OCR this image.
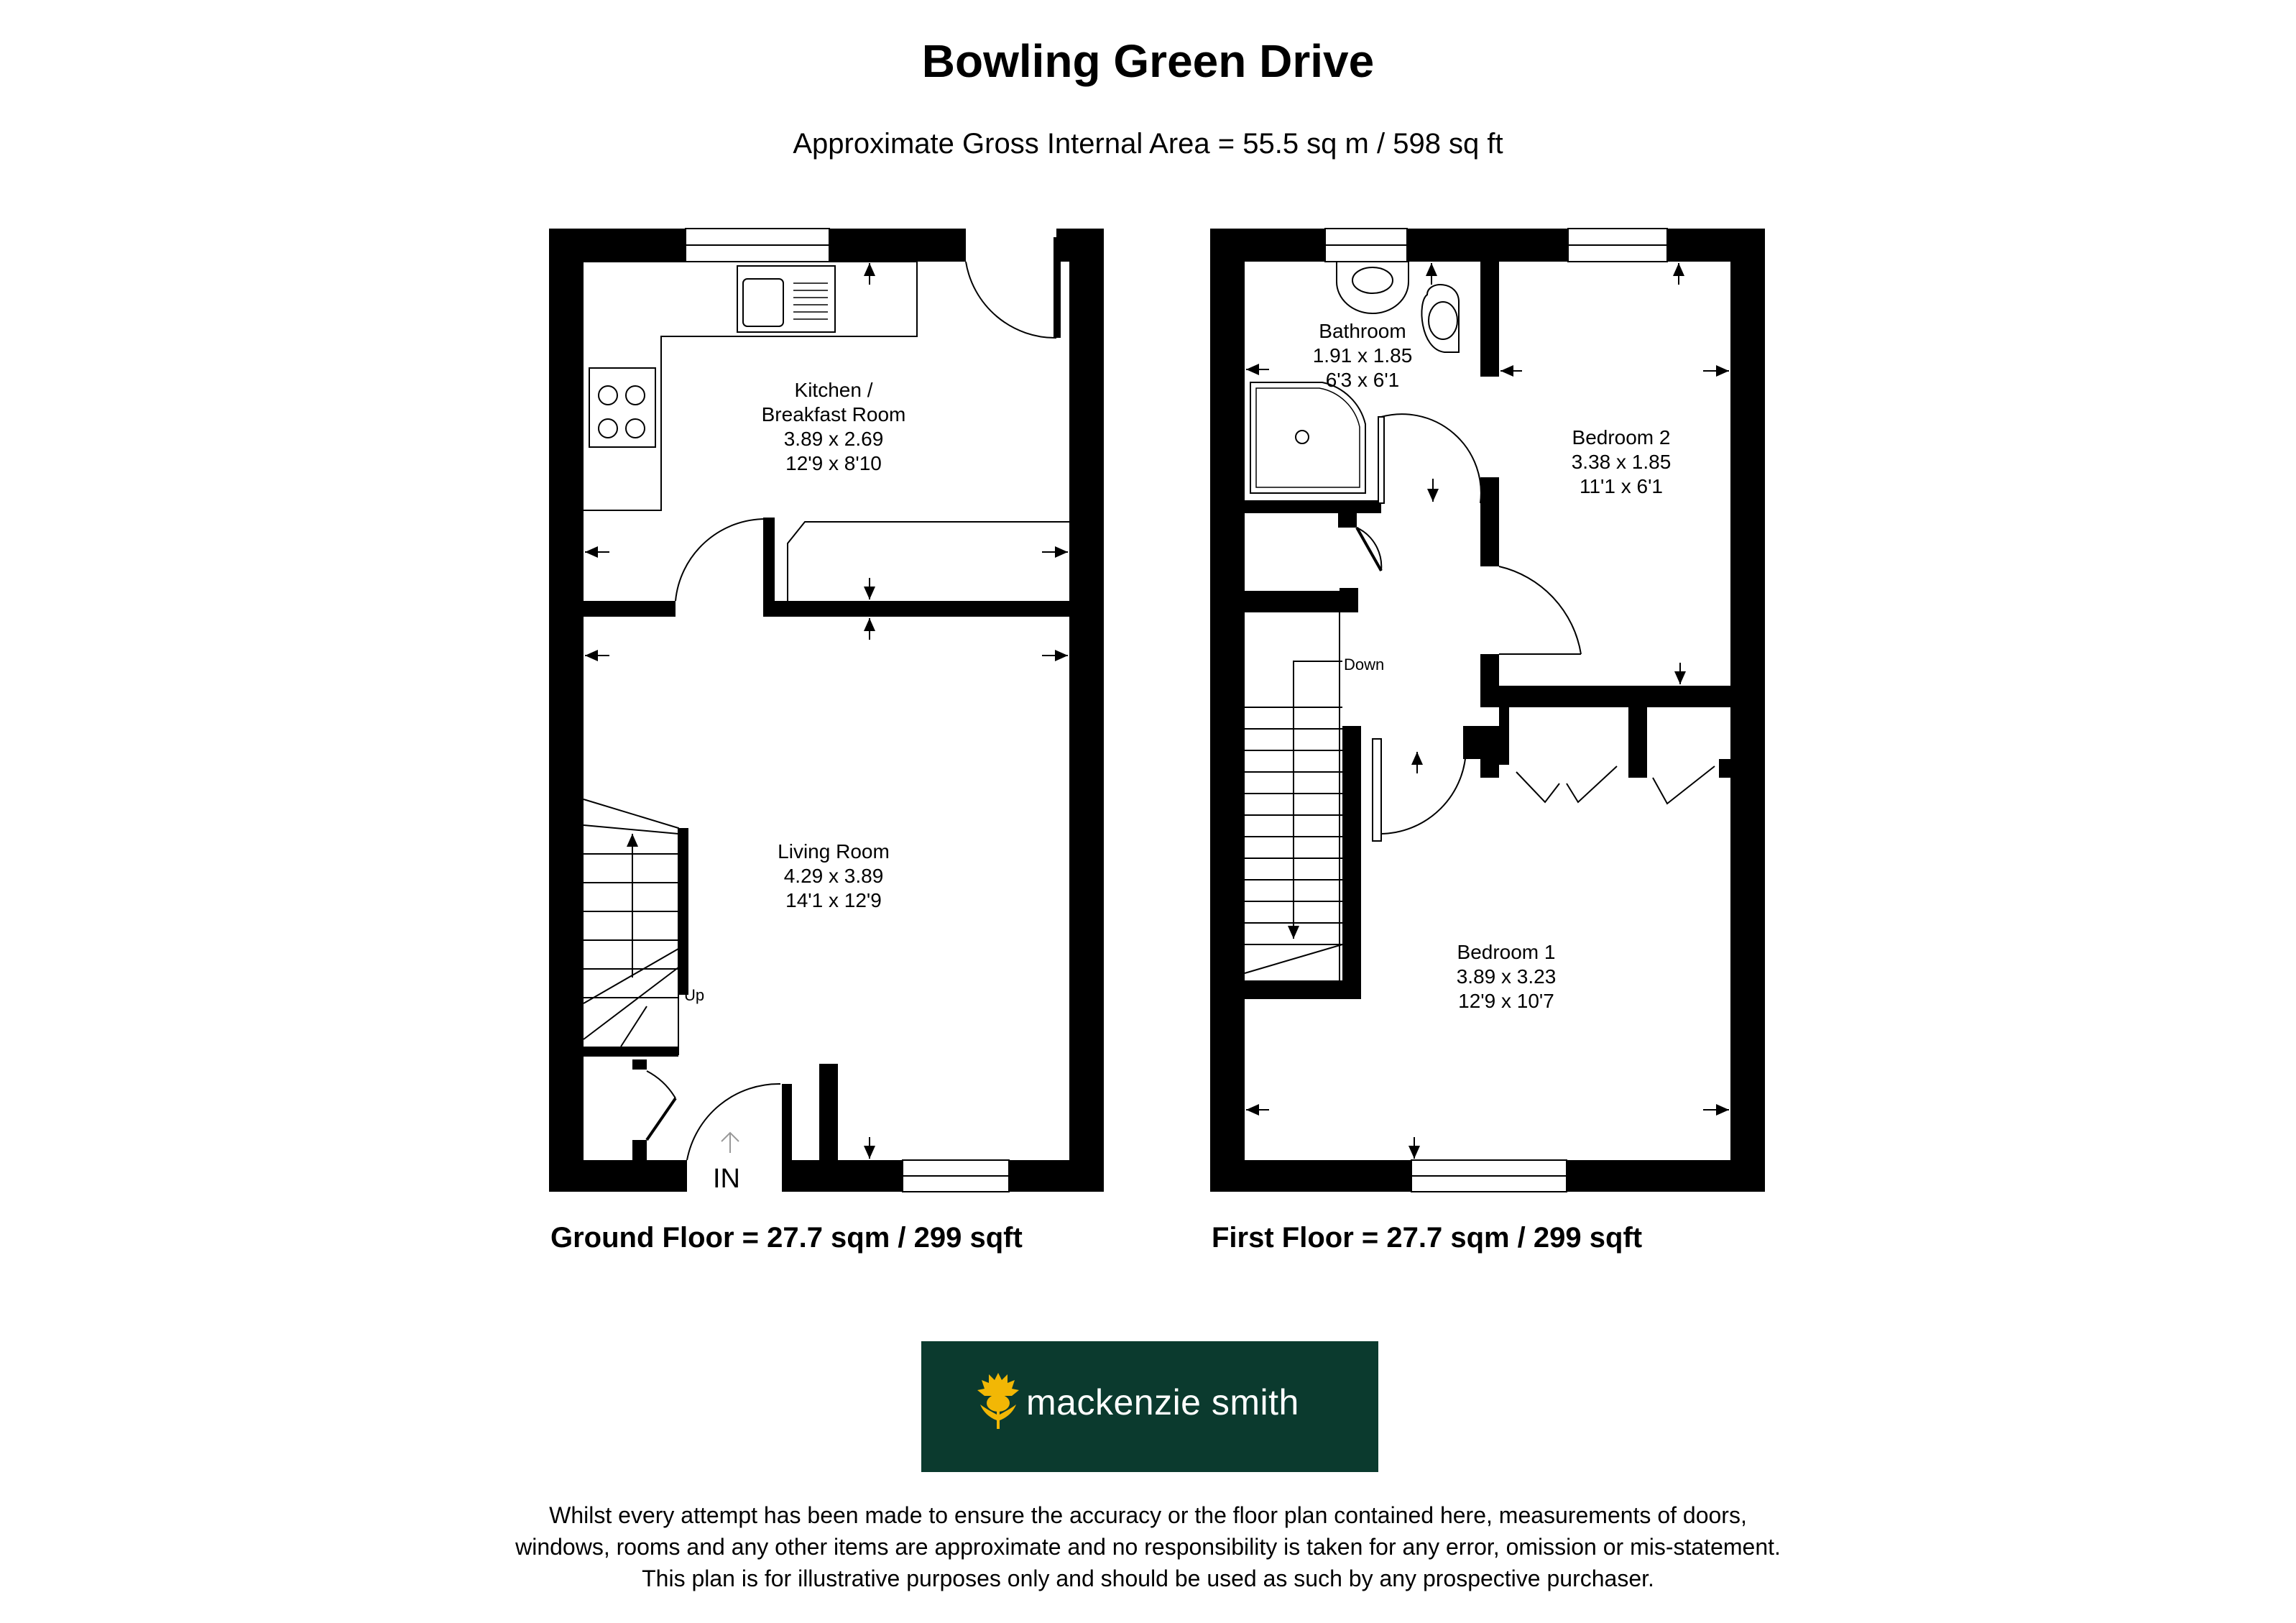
Bowling Green Drive
Approximate Gross Internal Area = 55.5 sq m / 598 sq ft
Up
IN
Kitchen /
Breakfast Room
3.89 x 2.69
12'9 x 8'10
Living Room
4.29 x 3.89
14'1 x 12'9
Down
Bathroom
1.91 x 1.85
6'3 x 6'1
Bedroom 2
3.38 x 1.85
11'1 x 6'1
Bedroom 1
3.89 x 3.23
12'9 x 10'7
Ground Floor = 27.7 sqm / 299 sqft	First Floor = 27.7 sqm / 299 sqft
mackenzie smith
Whilst every attempt has been made to ensure the accuracy or the floor plan contained here, measurements of doors,
windows, rooms and any other items are approximate and no responsibility is taken for any error, omission or mis-statement.
This plan is for illustrative purposes only and should be used as such by any prospective purchaser.
